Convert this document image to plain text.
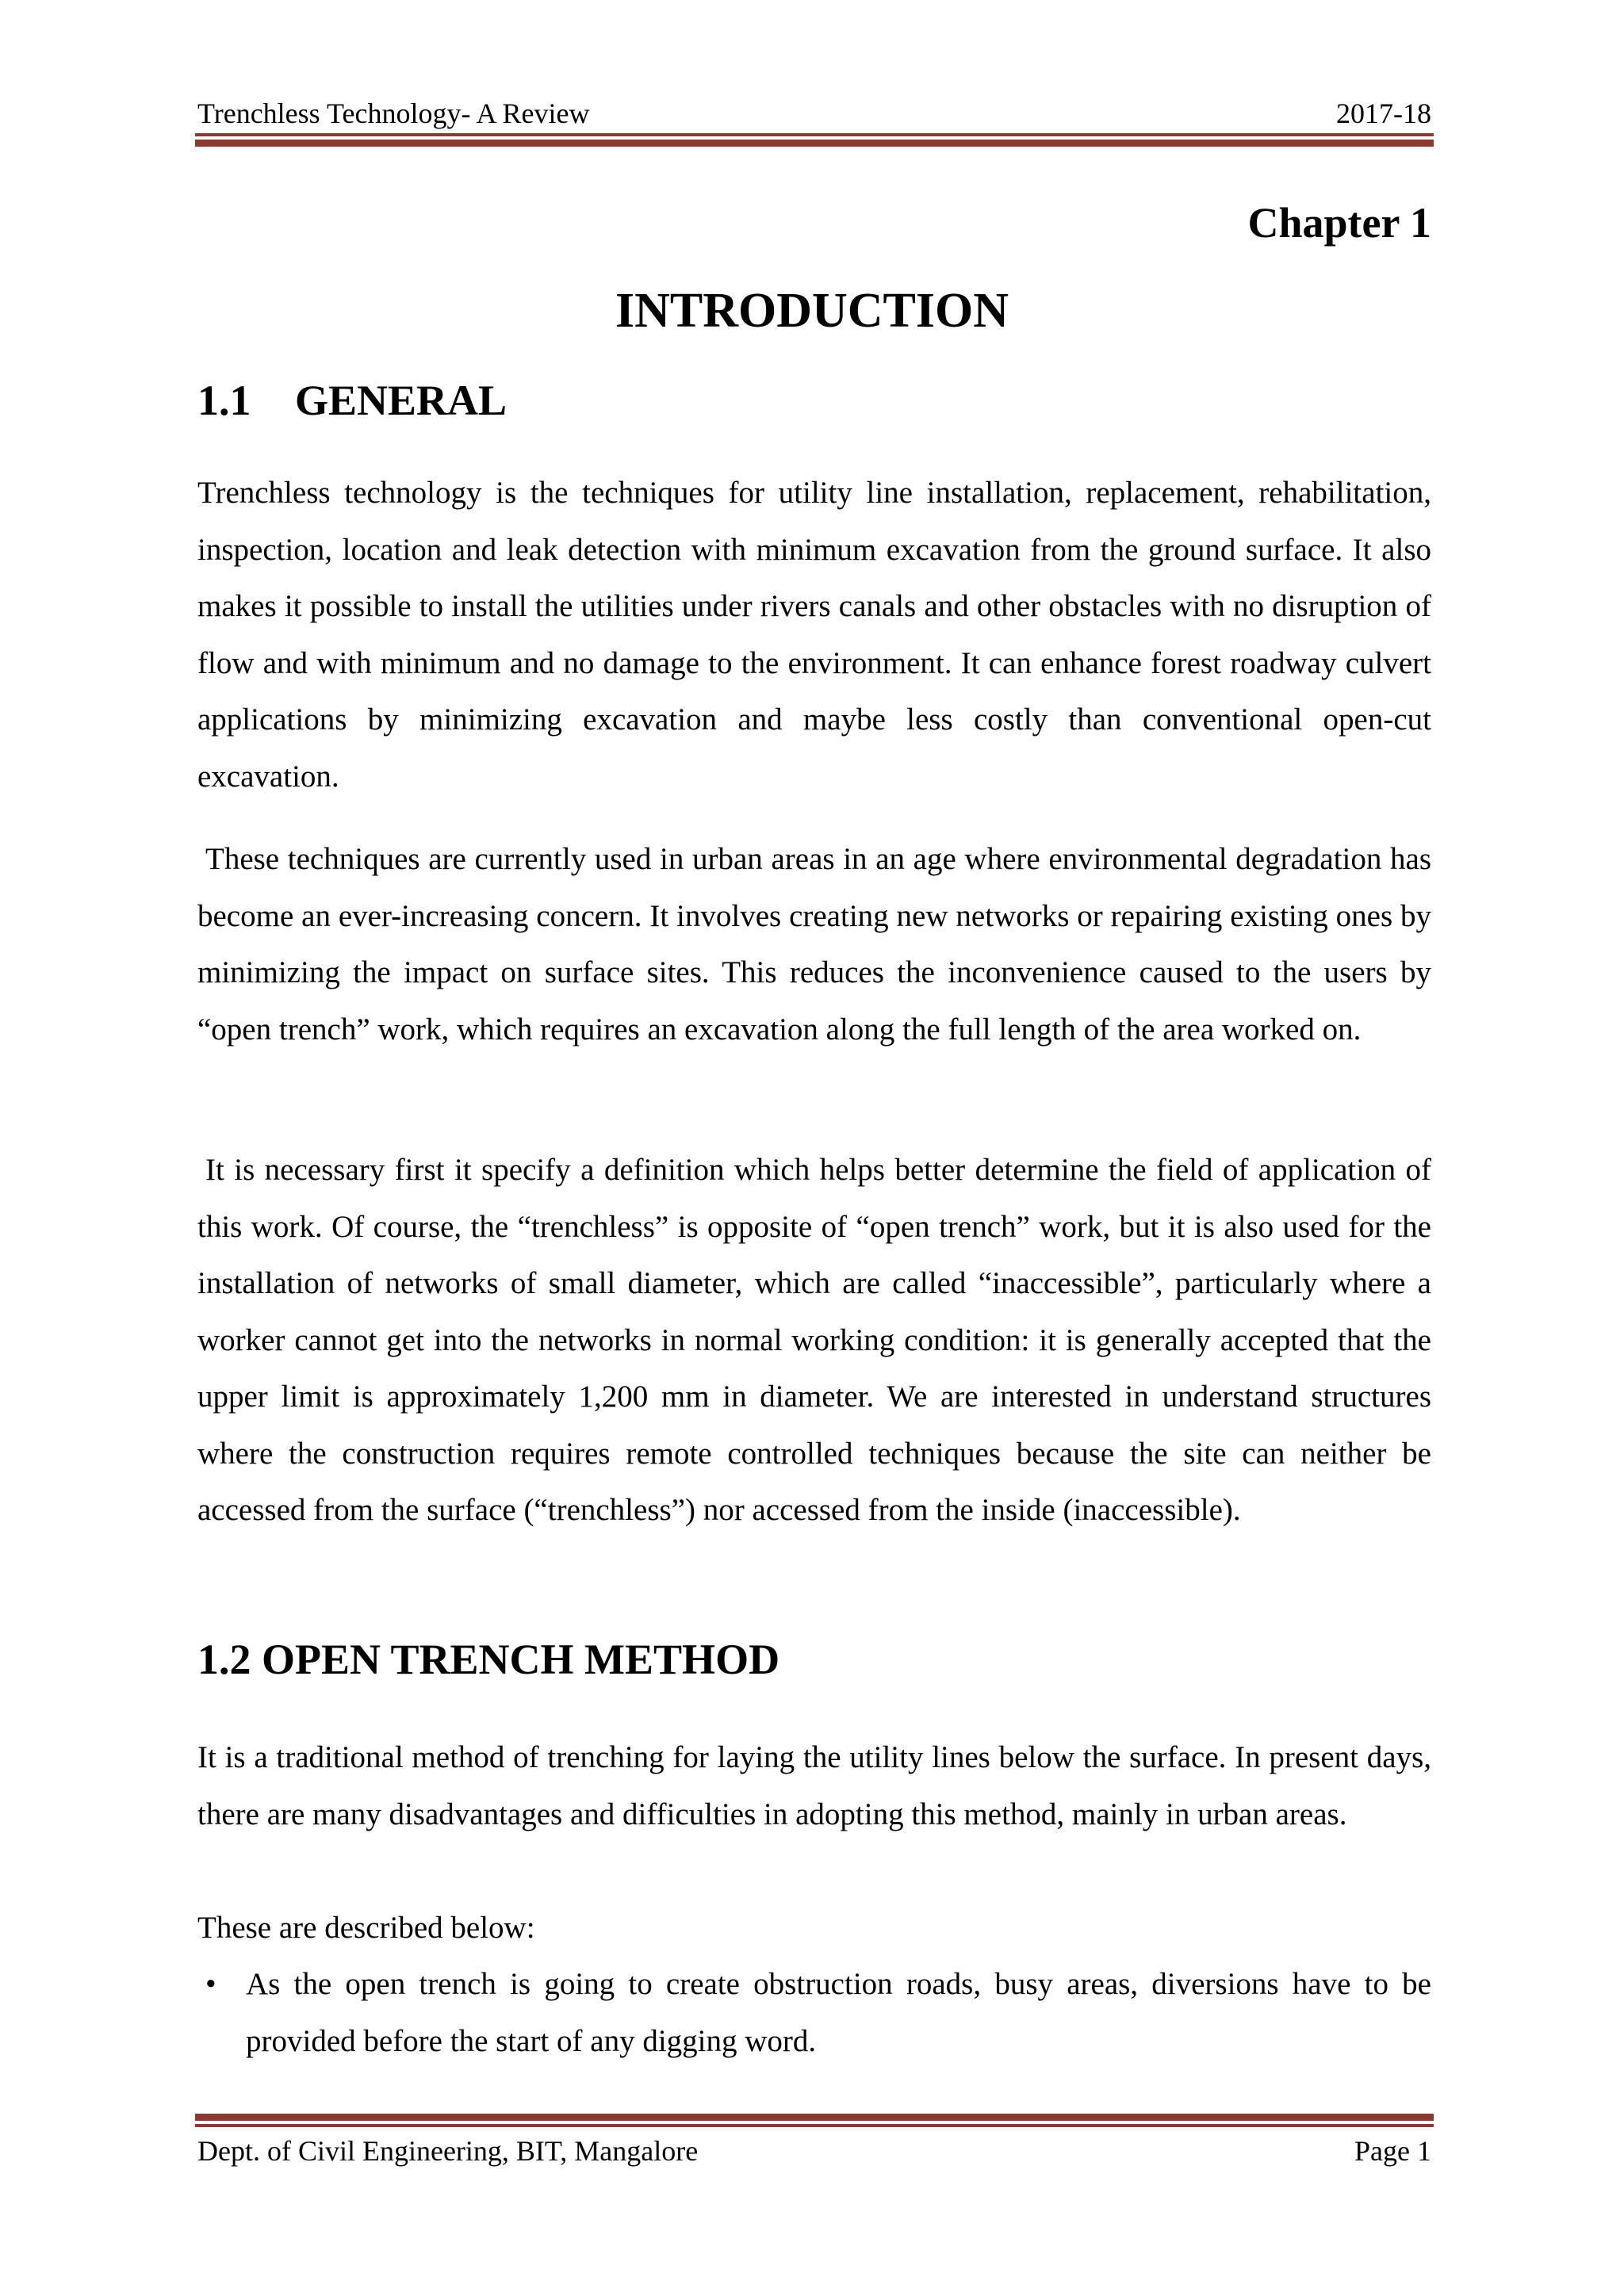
Trenchless Technology- A Review	2017-18
Chapter 1
INTRODUCTION
1.1 GENERAL

Trenchless technology is the techniques for utility line installation, replacement, rehabilitation, inspection, location and leak detection with minimum excavation from the ground surface. It also makes it possible to install the utilities under rivers canals and other obstacles with no disruption of flow and with minimum and no damage to the environment. It can enhance forest roadway culvert applications by minimizing excavation and maybe less costly than conventional open-cut excavation.

These techniques are currently used in urban areas in an age where environmental degradation has become an ever-increasing concern. It involves creating new networks or repairing existing ones by minimizing the impact on surface sites. This reduces the inconvenience caused to the users by “open trench” work, which requires an excavation along the full length of the area worked on.

It is necessary first it specify a definition which helps better determine the field of application of this work. Of course, the “trenchless” is opposite of “open trench” work, but it is also used for the installation of networks of small diameter, which are called “inaccessible”, particularly where a worker cannot get into the networks in normal working condition: it is generally accepted that the upper limit is approximately 1,200 mm in diameter. We are interested in understand structures where the construction requires remote controlled techniques because the site can neither be accessed from the surface (“trenchless”) nor accessed from the inside (inaccessible).

1.2 OPEN TRENCH METHOD

It is a traditional method of trenching for laying the utility lines below the surface. In present days, there are many disadvantages and difficulties in adopting this method, mainly in urban areas.

These are described below:

• As the open trench is going to create obstruction roads, busy areas, diversions have to be provided before the start of any digging word.
Dept. of Civil Engineering, BIT, Mangalore	Page 1
